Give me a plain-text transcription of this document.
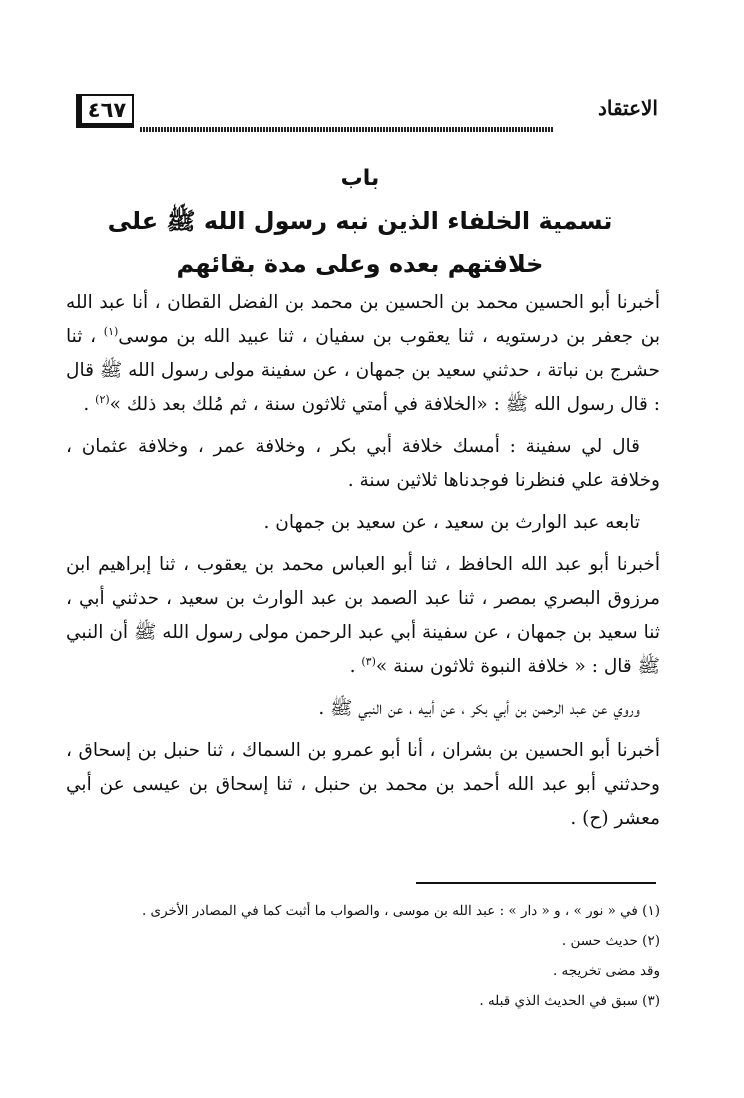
الاعتقاد
٤٦٧
باب
تسمية الخلفاء الذين نبه رسول الله ﷺ على خلافتهم بعده وعلى مدة بقائهم

أخبرنا أبو الحسين محمد بن الحسين بن محمد بن الفضل القطان ، أنا عبد الله بن جعفر بن درستويه ، ثنا يعقوب بن سفيان ، ثنا عبيد الله بن موسى$^{(١)}$ ، ثنا حشرج بن نباتة ، حدثني سعيد بن جمهان ، عن سفينة مولى رسول الله ﷺ قال : قال رسول الله ﷺ : «الخلافة في أمتي ثلاثون سنة ، ثم مُلك بعد ذلك »$^{(٢)}$ .

قال لي سفينة : أمسك خلافة أبي بكر ، وخلافة عمر ، وخلافة عثمان ، وخلافة علي فنظرنا فوجدناها ثلاثين سنة .

تابعه عبد الوارث بن سعيد ، عن سعيد بن جمهان .

أخبرنا أبو عبد الله الحافظ ، ثنا أبو العباس محمد بن يعقوب ، ثنا إبراهيم ابن مرزوق البصري بمصر ، ثنا عبد الصمد بن عبد الوارث بن سعيد ، حدثني أبي ، ثنا سعيد بن جمهان ، عن سفينة أبي عبد الرحمن مولى رسول الله ﷺ أن النبي ﷺ قال : « خلافة النبوة ثلاثون سنة »$^{(٣)}$ .

وروي عن عبد الرحمن بن أبي بكر ، عن أبيه ، عن النبي ﷺ .

أخبرنا أبو الحسين بن بشران ، أنا أبو عمرو بن السماك ، ثنا حنبل بن إسحاق ، وحدثني أبو عبد الله أحمد بن محمد بن حنبل ، ثنا إسحاق بن عيسى عن أبي معشر (ح) .

(١) في « نور » ، و « دار » : عبد الله بن موسى ، والصواب ما أثبت كما في المصادر الأخرى .
(٢) حديث حسن .
وقد مضى تخريجه .
(٣) سبق في الحديث الذي قبله .
